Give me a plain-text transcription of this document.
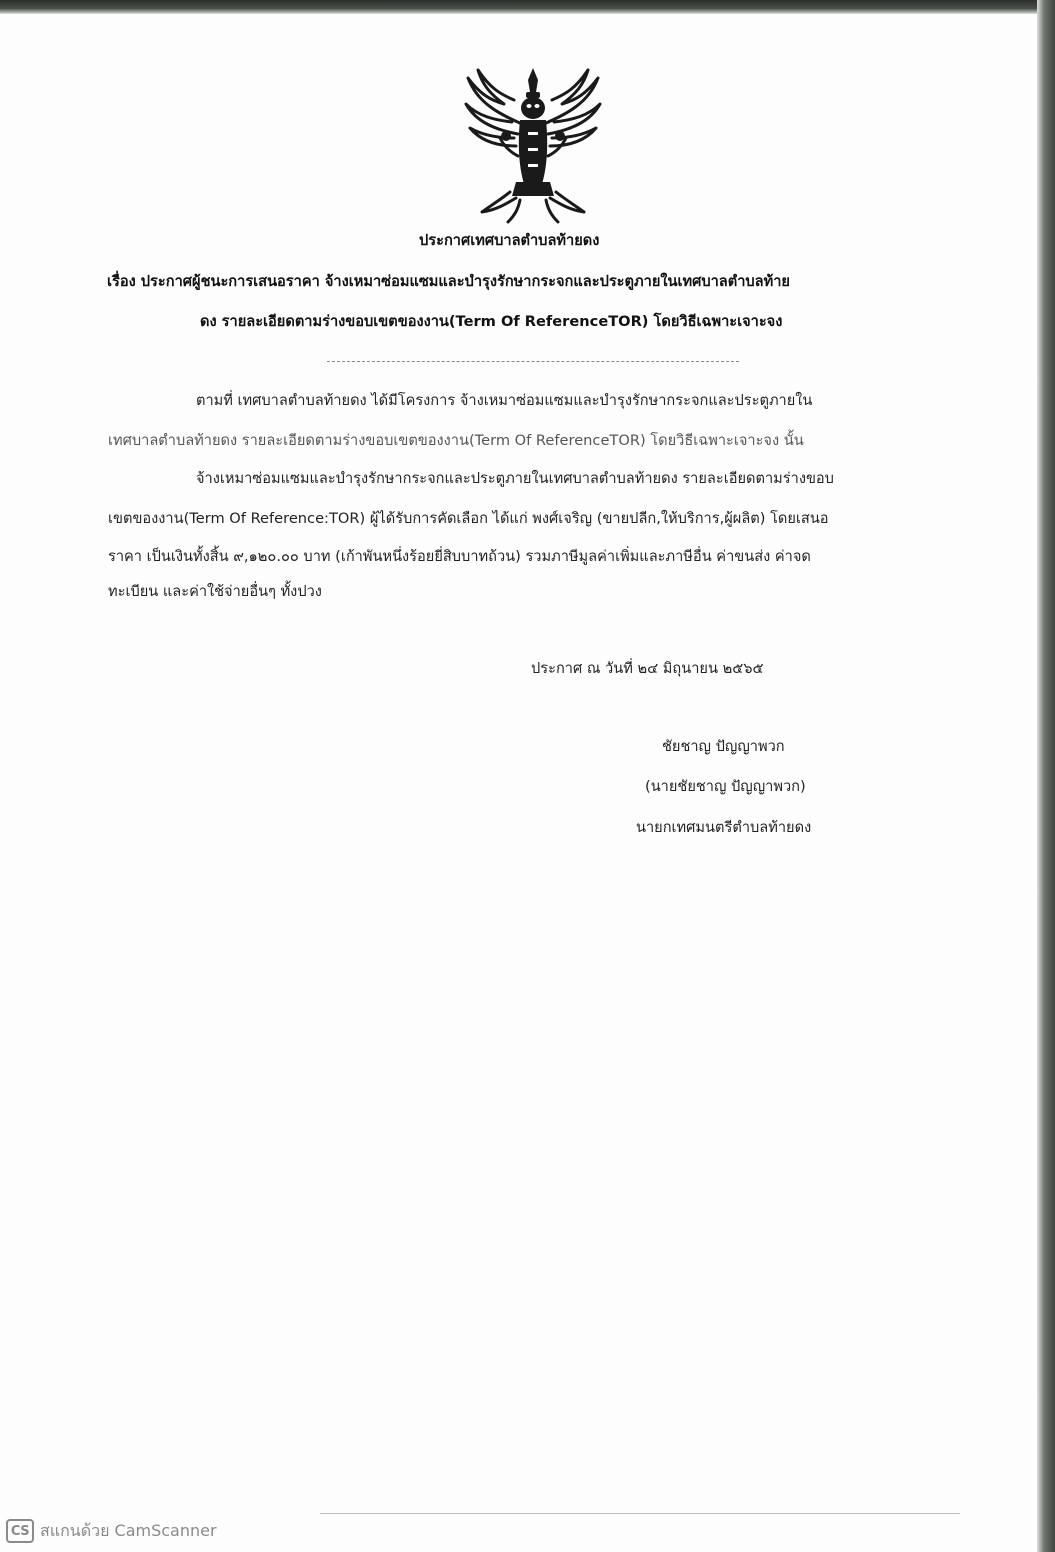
ประกาศเทศบาลตำบลท้ายดง
เรื่อง ประกาศผู้ชนะการเสนอราคา จ้างเหมาซ่อมแซมและบำรุงรักษากระจกและประตูภายในเทศบาลตำบลท้าย
ดง รายละเอียดตามร่างขอบเขตของงาน(Term Of ReferenceTOR) โดยวิธีเฉพาะเจาะจง
ตามที่ เทศบาลตำบลท้ายดง ได้มีโครงการ จ้างเหมาซ่อมแซมและบำรุงรักษากระจกและประตูภายใน
เทศบาลตำบลท้ายดง รายละเอียดตามร่างขอบเขตของงาน(Term Of ReferenceTOR) โดยวิธีเฉพาะเจาะจง นั้น
จ้างเหมาซ่อมแซมและบำรุงรักษากระจกและประตูภายในเทศบาลตำบลท้ายดง รายละเอียดตามร่างขอบ
เขตของงาน(Term Of Reference:TOR) ผู้ได้รับการคัดเลือก ได้แก่ พงศ์เจริญ (ขายปลีก,ให้บริการ,ผู้ผลิต) โดยเสนอ
ราคา เป็นเงินทั้งสิ้น ๙,๑๒๐.๐๐ บาท (เก้าพันหนึ่งร้อยยี่สิบบาทถ้วน) รวมภาษีมูลค่าเพิ่มและภาษีอื่น ค่าขนส่ง ค่าจด
ทะเบียน และค่าใช้จ่ายอื่นๆ ทั้งปวง
ประกาศ ณ วันที่ ๒๔ มิถุนายน ๒๕๖๕
ชัยชาญ ปัญญาพวก
(นายชัยชาญ ปัญญาพวก)
นายกเทศมนตรีตำบลท้ายดง
CS สแกนด้วย CamScanner
